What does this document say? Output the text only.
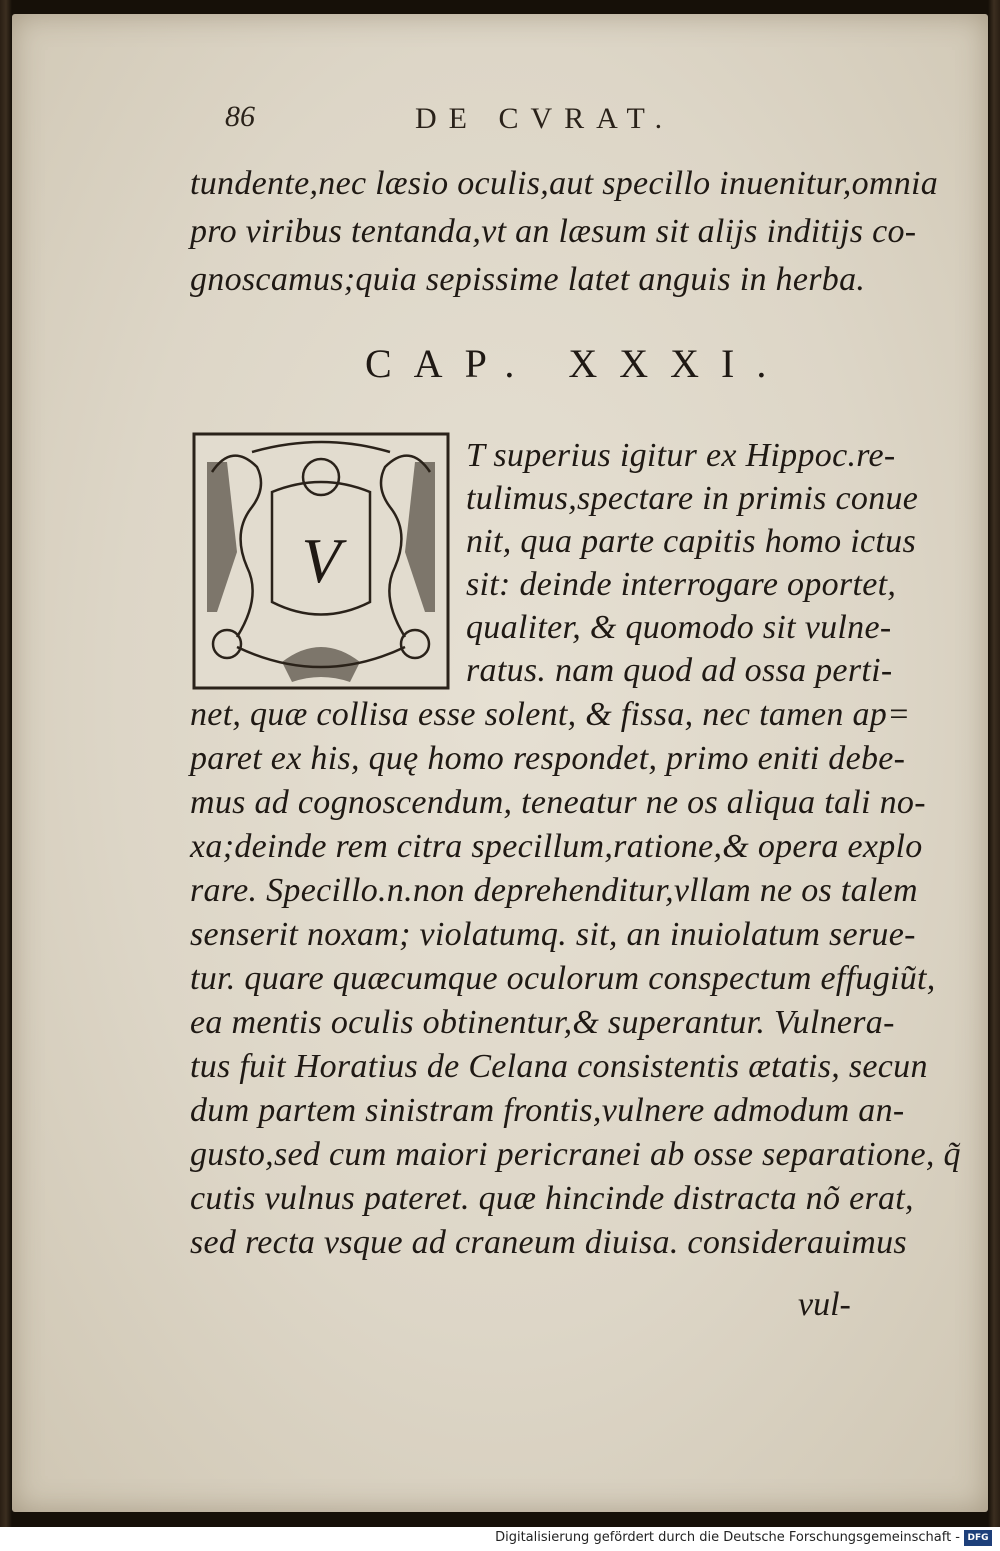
86	DE CVRAT.
tundente,nec læsio oculis,aut specillo inuenitur,omnia
pro viribus tentanda,vt an læsum sit alijs inditijs co-
gnoscamus;quia sepissime latet anguis in herba.
CAP. XXXI.
V
T superius igitur ex Hippoc.re-
tulimus,spectare in primis conue
nit, qua parte capitis homo ictus
sit: deinde interrogare oportet,
qualiter, & quomodo sit vulne-
ratus. nam quod ad ossa perti-
net, quæ collisa esse solent, & fissa, nec tamen ap=
paret ex his, quę homo respondet, primo eniti debe-
mus ad cognoscendum, teneatur ne os aliqua tali no-
xa;deinde rem citra specillum,ratione,& opera explo
rare. Specillo.n.non deprehenditur,vllam ne os talem
senserit noxam; violatumq. sit, an inuiolatum serue-
tur. quare quæcumque oculorum conspectum effugiũt,
ea mentis oculis obtinentur,& superantur. Vulnera-
tus fuit Horatius de Celana consistentis ætatis, secun
dum partem sinistram frontis,vulnere admodum an-
gusto,sed cum maiori pericranei ab osse separatione, q̃
cutis vulnus pateret. quæ hincinde distracta nõ erat,
sed recta vsque ad craneum diuisa. considerauimus
vul-
Digitalisierung gefördert durch die Deutsche Forschungsgemeinschaft - DFG
